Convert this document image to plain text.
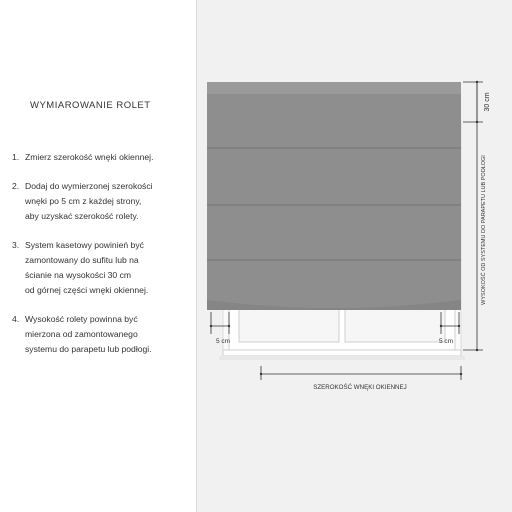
WYMIAROWANIE ROLET
1. Zmierz szerokość wnęki okiennej.
2. Dodaj do wymierzonej szerokości
wnęki po 5 cm z każdej strony,
aby uzyskać szerokość rolety.
3. System kasetowy powinień być
zamontowany do sufitu lub na
ścianie na wysokości 30 cm
od górnej części wnęki okiennej.
4. Wysokość rolety powinna być
mierzona od zamontowanego
systemu do parapetu lub podłogi.
30 cm
WYSOKOŚĆ OD SYSTEMU DO PARAPETU LUB PODŁOGI
5 cm	5 cm
SZEROKOŚĆ WNĘKI OKIENNEJ
